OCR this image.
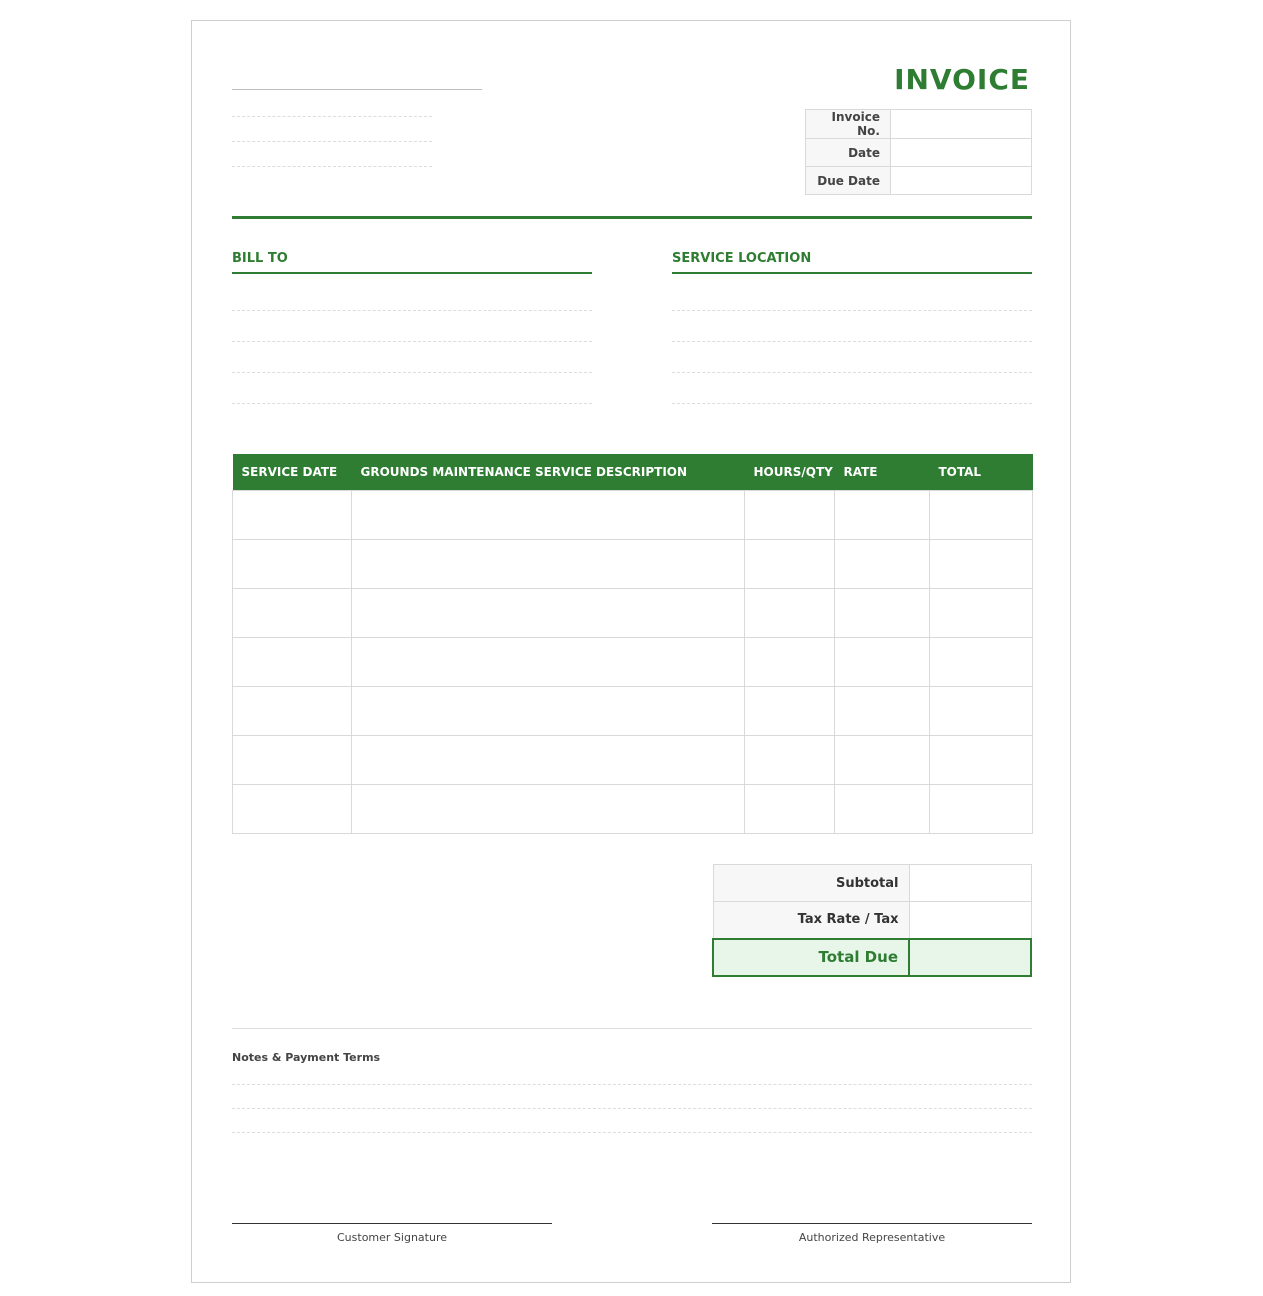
INVOICE
Invoice No.	
Date	
Due Date	
BILL TO	SERVICE LOCATION
SERVICE DATE	GROUNDS MAINTENANCE SERVICE DESCRIPTION	HOURS/QTY	RATE	TOTAL

Subtotal	
Tax Rate / Tax	
Total Due	
Notes & Payment Terms
Customer Signature	Authorized Representative
